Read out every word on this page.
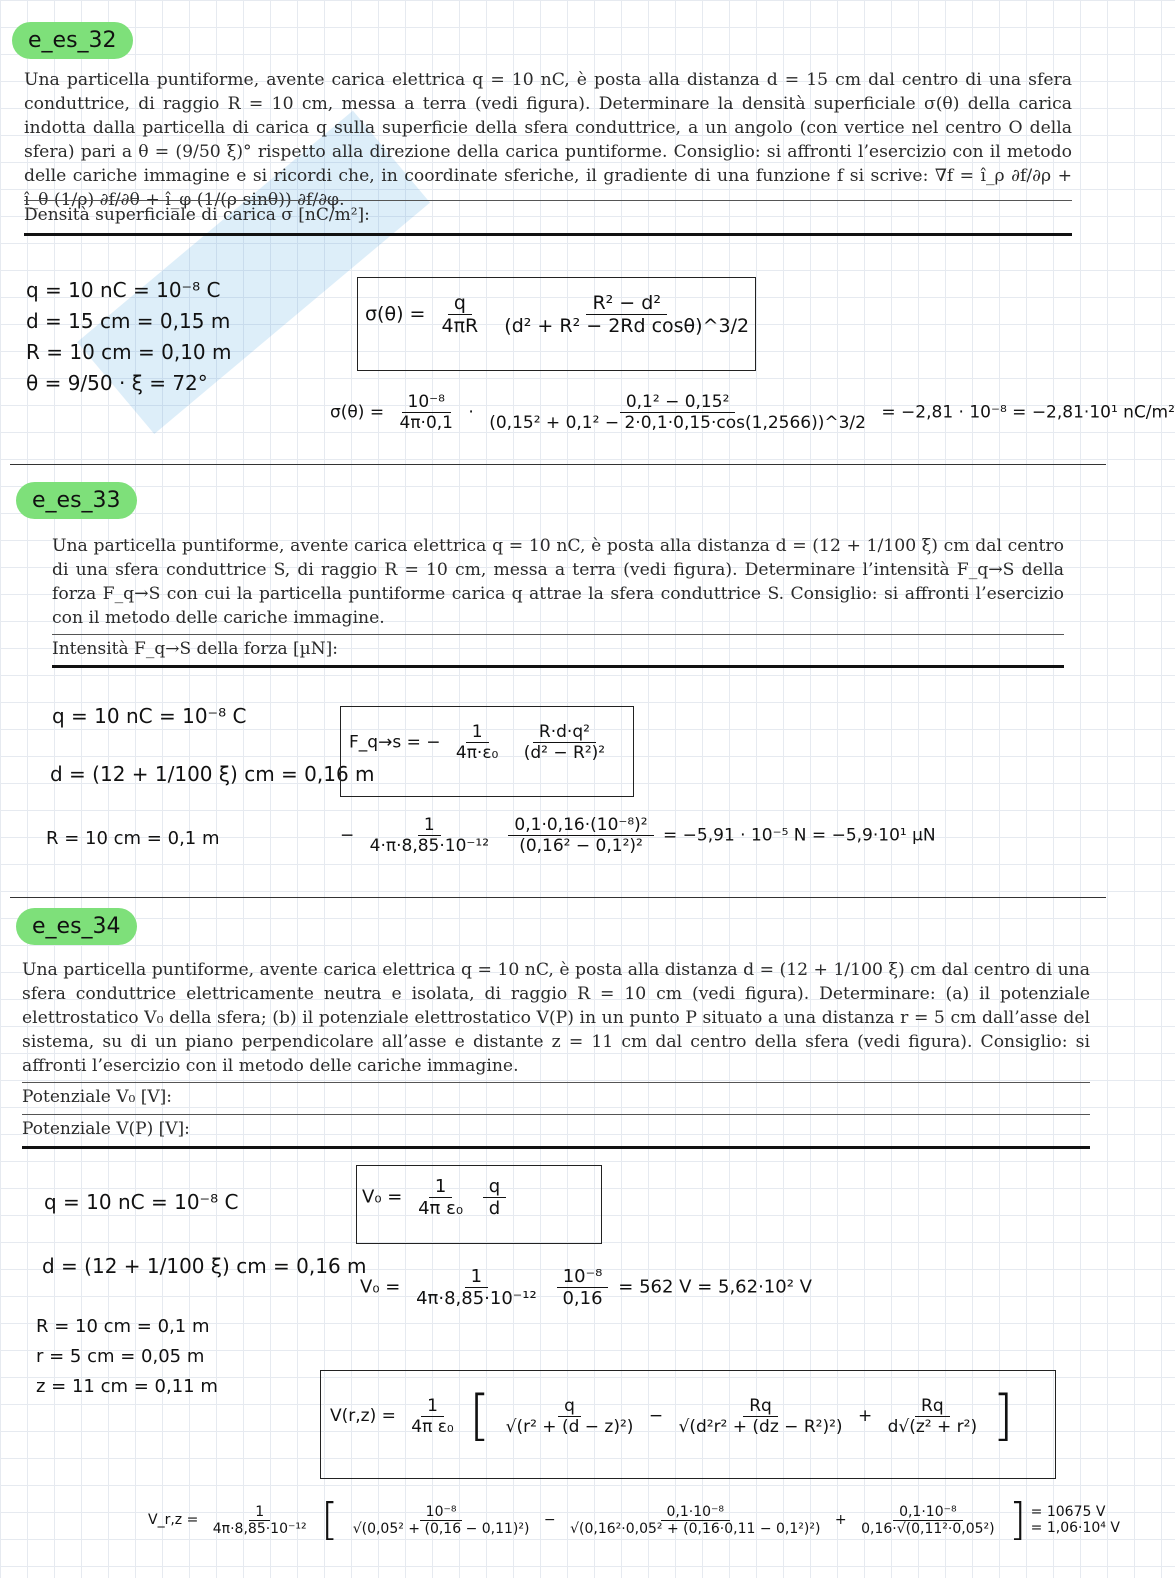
e_es_32
Una particella puntiforme, avente carica elettrica q = 10 nC, è posta alla distanza d = 15 cm dal centro di una sfera conduttrice, di raggio R = 10 cm, messa a terra (vedi figura). Determinare la densità superficiale σ(θ) della carica indotta dalla particella di carica q sulla superficie della sfera conduttrice, a un angolo (con vertice nel centro O della sfera) pari a θ = (9/50 ξ)° rispetto alla direzione della carica puntiforme. Consiglio: si affronti l’esercizio con il metodo delle cariche immagine e si ricordi che, in coordinate sferiche, il gradiente di una funzione f si scrive: ∇f = î_ρ ∂f/∂ρ + î_θ (1/ρ) ∂f/∂θ + î_φ (1/(ρ sinθ)) ∂f/∂φ.
Densità superficiale di carica σ [nC/m²]:
q = 10 nC = 10⁻⁸ C
d = 15 cm = 0,15 m
R = 10 cm = 0,10 m
θ = 9/50 · ξ = 72°
$\sigma(\theta) = \frac{q}{4\pi R}$
$\frac{\text{R² − d²}}{\text{(d² + R² − 2Rd cosθ)\textasciicircum{}3/2}}$
$\sigma(\theta) = \frac{\text{10⁻⁸}}{4\pi\cdot 0,1} \cdot \frac{\text{0,1² − 0,15²}}{\text{(0,15² + 0,1² − 2·0,1·0,15·cos(1,2566))\textasciicircum{}3/2}} = -2,81 \cdot 10^{-8} = -2,81\cdot 10^1$ nC/m²
e_es_33
Una particella puntiforme, avente carica elettrica q = 10 nC, è posta alla distanza d = (12 + 1/100 ξ) cm dal centro di una sfera conduttrice S, di raggio R = 10 cm, messa a terra (vedi figura). Determinare l’intensità F_q→S della forza F_q→S con cui la particella puntiforme carica q attrae la sfera conduttrice S. Consiglio: si affronti l’esercizio con il metodo delle cariche immagine.
Intensità F_q→S della forza [µN]:
q = 10 nC = 10⁻⁸ C
d = (12 + 1/100 ξ) cm = 0,16 m
R = 10 cm = 0,1 m
F_q→s = − $\frac{1}{\text{4π·ε₀}}$
$\frac{\text{R·d·q²}}{\text{(d² − R²)²}}$
− $\frac{1}{\text{4·π·8,85·10⁻¹²}}$
$\frac{\text{0,1·0,16·(10⁻⁸)²}}{\text{(0,16² − 0,1²)²}} = -5,91 \cdot 10^{-5}$ N = −5,9·10¹ µN
e_es_34
Una particella puntiforme, avente carica elettrica q = 10 nC, è posta alla distanza d = (12 + 1/100 ξ) cm dal centro di una sfera conduttrice elettricamente neutra e isolata, di raggio R = 10 cm (vedi figura). Determinare: (a) il potenziale elettrostatico V₀ della sfera; (b) il potenziale elettrostatico V(P) in un punto P situato a una distanza r = 5 cm dall’asse del sistema, su di un piano perpendicolare all’asse e distante z = 11 cm dal centro della sfera (vedi figura). Consiglio: si affronti l’esercizio con il metodo delle cariche immagine.
Potenziale V₀ [V]:
Potenziale V(P) [V]:
q = 10 nC = 10⁻⁸ C
d = (12 + 1/100 ξ) cm = 0,16 m
R = 10 cm = 0,1 m
r = 5 cm = 0,05 m
z = 11 cm = 0,11 m
$V_0 = \frac{1}{\text{4π ε₀}}$
$\frac{q}{d}$
$V_0 = \frac{1}{\text{4π·8,85·10⁻¹²}}$
$\frac{\text{10⁻⁸}}{0,16} = 562$ V = 5,62·10² V
$V(r,z) = \frac{1}{\text{4π ε₀}}$ [ $\frac{q}{\text{√(r² + (d − z)²)}} - \frac{Rq}{\text{√(d²r² + (dz − R²)²)}} + \frac{Rq}{\text{d√(z² + r²)}}$ ]
V_r,z = $\frac{1}{\text{4π·8,85·10⁻¹²}}$ [ $\frac{\text{10⁻⁸}}{\text{√(0,05² + (0,16 − 0,11)²)}} - \frac{\text{0,1·10⁻⁸}}{\text{√(0,16²·0,05² + (0,16·0,11 − 0,1²)²)}} + \frac{\text{0,1·10⁻⁸}}{\text{0,16·√(0,11²·0,05²)}}$ ] = 10675 V
= 1,06·10⁴ V
